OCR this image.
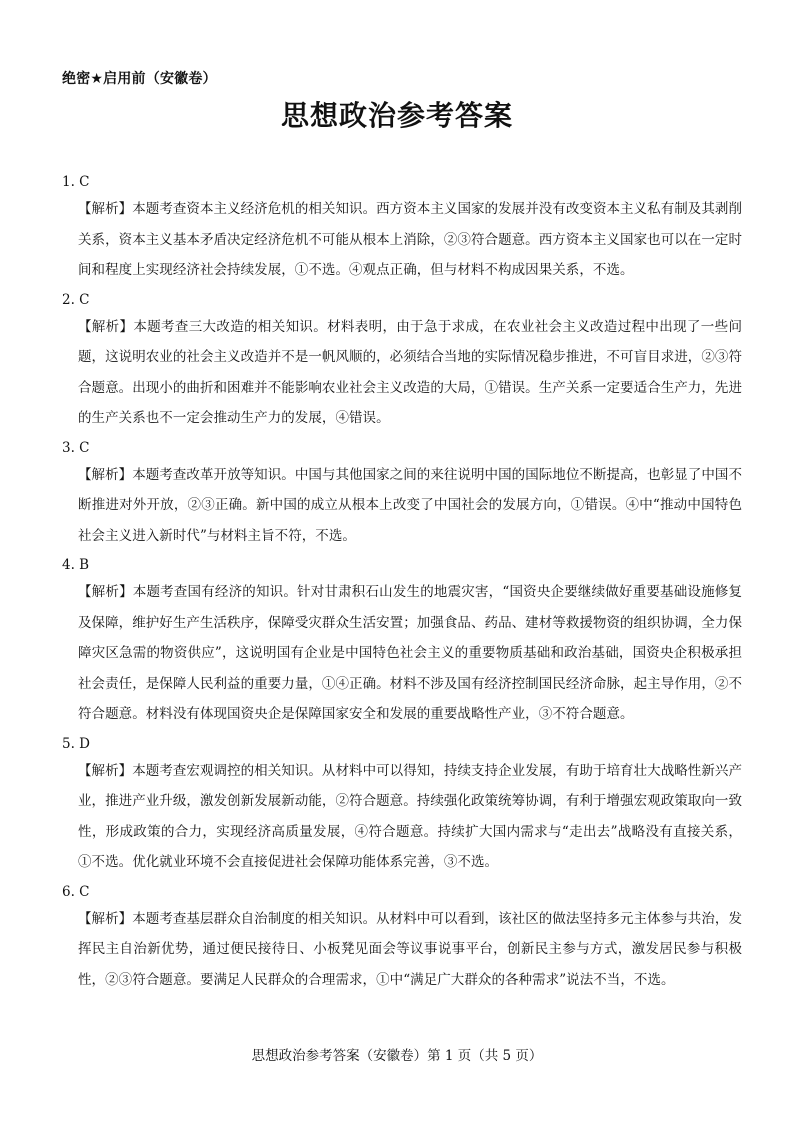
绝密★启用前（安徽卷）
思想政治参考答案
1. C
【解析】本题考查资本主义经济危机的相关知识。西方资本主义国家的发展并没有改变资本主义私有制及其剥削关系，资本主义基本矛盾决定经济危机不可能从根本上消除，②③符合题意。西方资本主义国家也可以在一定时间和程度上实现经济社会持续发展，①不选。④观点正确，但与材料不构成因果关系，不选。
2. C
【解析】本题考查三大改造的相关知识。材料表明，由于急于求成，在农业社会主义改造过程中出现了一些问题，这说明农业的社会主义改造并不是一帆风顺的，必须结合当地的实际情况稳步推进，不可盲目求进，②③符合题意。出现小的曲折和困难并不能影响农业社会主义改造的大局，①错误。生产关系一定要适合生产力，先进的生产关系也不一定会推动生产力的发展，④错误。
3. C
【解析】本题考查改革开放等知识。中国与其他国家之间的来往说明中国的国际地位不断提高，也彰显了中国不断推进对外开放，②③正确。新中国的成立从根本上改变了中国社会的发展方向，①错误。④中“推动中国特色社会主义进入新时代”与材料主旨不符，不选。
4. B
【解析】本题考查国有经济的知识。针对甘肃积石山发生的地震灾害，“国资央企要继续做好重要基础设施修复及保障，维护好生产生活秩序，保障受灾群众生活安置；加强食品、药品、建材等救援物资的组织协调，全力保障灾区急需的物资供应”，这说明国有企业是中国特色社会主义的重要物质基础和政治基础，国资央企积极承担社会责任，是保障人民利益的重要力量，①④正确。材料不涉及国有经济控制国民经济命脉，起主导作用，②不符合题意。材料没有体现国资央企是保障国家安全和发展的重要战略性产业，③不符合题意。
5. D
【解析】本题考查宏观调控的相关知识。从材料中可以得知，持续支持企业发展，有助于培育壮大战略性新兴产业，推进产业升级，激发创新发展新动能，②符合题意。持续强化政策统筹协调，有利于增强宏观政策取向一致性，形成政策的合力，实现经济高质量发展，④符合题意。持续扩大国内需求与“走出去”战略没有直接关系，①不选。优化就业环境不会直接促进社会保障功能体系完善，③不选。
6. C
【解析】本题考查基层群众自治制度的相关知识。从材料中可以看到，该社区的做法坚持多元主体参与共治，发挥民主自治新优势，通过便民接待日、小板凳见面会等议事说事平台，创新民主参与方式，激发居民参与积极性，②③符合题意。要满足人民群众的合理需求，①中“满足广大群众的各种需求”说法不当，不选。
思想政治参考答案（安徽卷）第 1 页（共 5 页）
